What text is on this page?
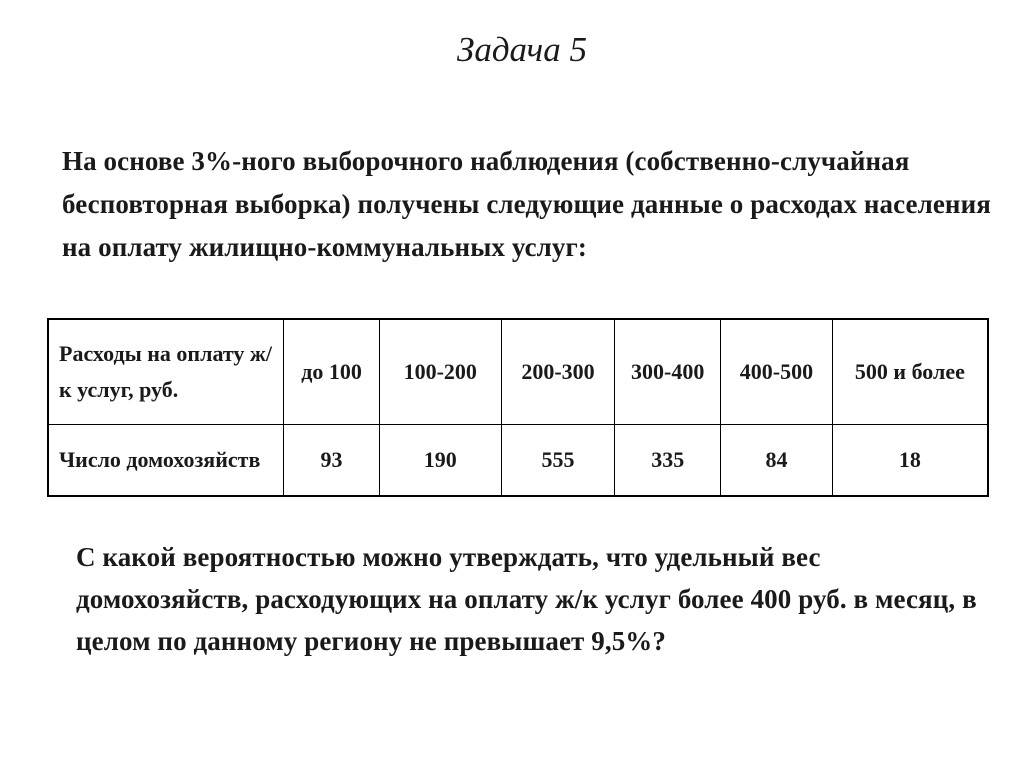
Задача 5
На основе 3%-ного выборочного наблюдения (собственно-случайная бесповторная выборка) получены следующие данные о расходах населения на оплату жилищно-коммунальных услуг:
Расходы на оплату ж/к услуг, руб.	до 100	100-200	200-300	300-400	400-500	500 и более
Число домохозяйств	93	190	555	335	84	18
С какой вероятностью можно утверждать, что удельный вес домохозяйств, расходующих на оплату ж/к услуг более 400 руб. в месяц, в целом по данному региону не превышает 9,5%?
